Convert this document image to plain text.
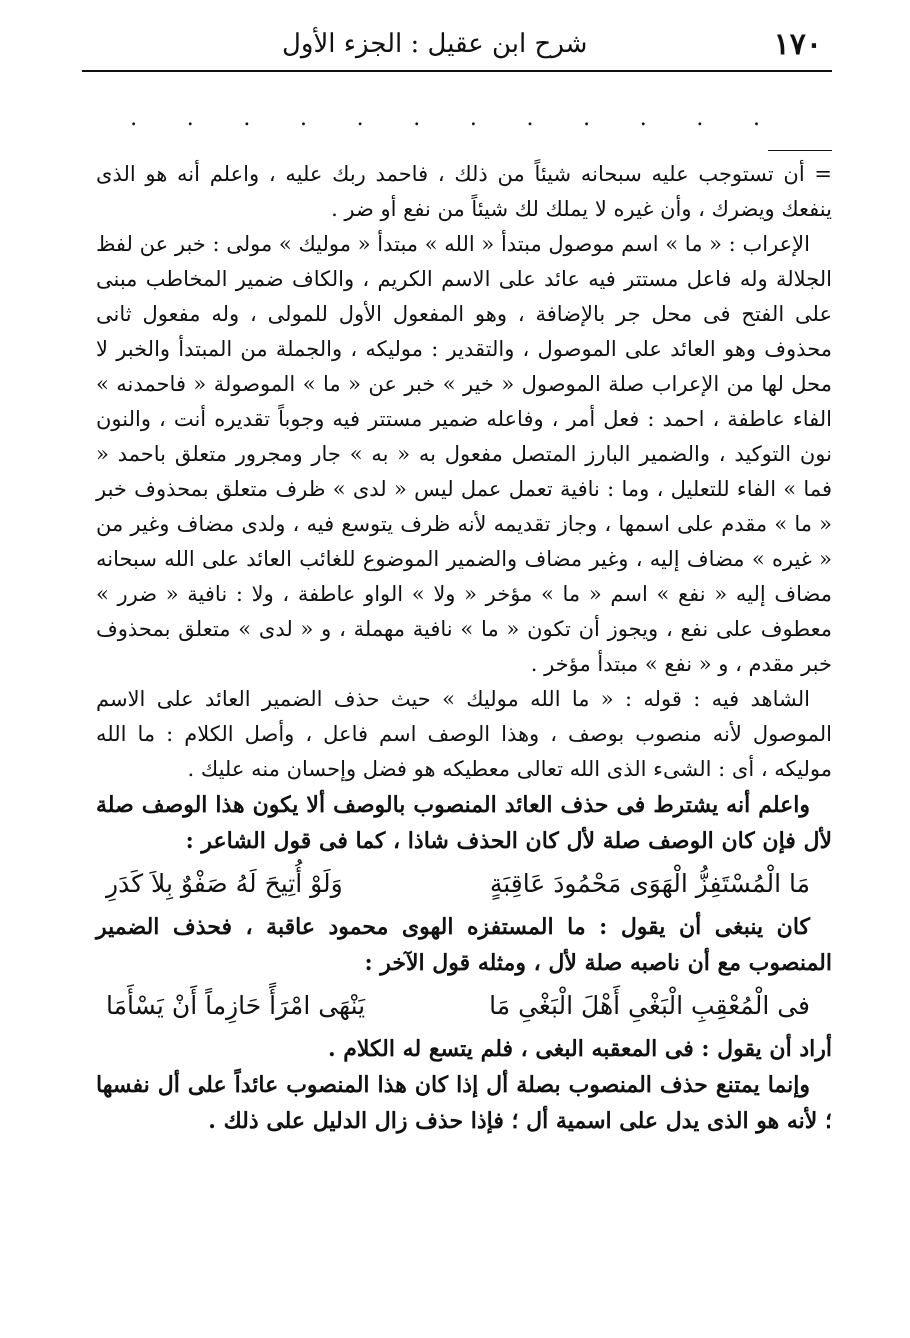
١٧٠
شرح ابن عقيل : الجزء الأول
.
.
.
.
.
.
.
.
.
.
.
.

= أن تستوجب عليه سبحانه شيئاً من ذلك ، فاحمد ربك عليه ، واعلم أنه هو الذى ينفعك ويضرك ، وأن غيره لا يملك لك شيئاً من نفع أو ضر .

الإعراب : « ما » اسم موصول مبتدأ « الله » مبتدأ « موليك » مولى : خبر عن لفظ الجلالة وله فاعل مستتر فيه عائد على الاسم الكريم ، والكاف ضمير المخاطب مبنى على الفتح فى محل جر بالإضافة ، وهو المفعول الأول للمولى ، وله مفعول ثانى محذوف وهو العائد على الموصول ، والتقدير : موليكه ، والجملة من المبتدأ والخبر لا محل لها من الإعراب صلة الموصول « خير » خبر عن « ما » الموصولة « فاحمدنه » الفاء عاطفة ، احمد : فعل أمر ، وفاعله ضمير مستتر فيه وجوباً تقديره أنت ، والنون نون التوكيد ، والضمير البارز المتصل مفعول به « به » جار ومجرور متعلق باحمد « فما » الفاء للتعليل ، وما : نافية تعمل عمل ليس « لدى » ظرف متعلق بمحذوف خبر « ما » مقدم على اسمها ، وجاز تقديمه لأنه ظرف يتوسع فيه ، ولدى مضاف وغير من « غيره » مضاف إليه ، وغير مضاف والضمير الموضوع للغائب العائد على الله سبحانه مضاف إليه « نفع » اسم « ما » مؤخر « ولا » الواو عاطفة ، ولا : نافية « ضرر » معطوف على نفع ، ويجوز أن تكون « ما » نافية مهملة ، و « لدى » متعلق بمحذوف خبر مقدم ، و « نفع » مبتدأ مؤخر .

الشاهد فيه : قوله : « ما الله موليك » حيث حذف الضمير العائد على الاسم الموصول لأنه منصوب بوصف ، وهذا الوصف اسم فاعل ، وأصل الكلام : ما الله موليكه ، أى : الشىء الذى الله تعالى معطيكه هو فضل وإحسان منه عليك .

واعلم أنه يشترط فى حذف العائد المنصوب بالوصف ألا يكون هذا الوصف صلة لأل فإن كان الوصف صلة لأل كان الحذف شاذا ، كما فى قول الشاعر :

مَا الْمُسْتَفِزُّ الْهَوَى مَحْمُودَ عَاقِبَةٍ
وَلَوْ أُتِيحَ لَهُ صَفْوٌ بِلاَ كَدَرِ

كان ينبغى أن يقول : ما المستفزه الهوى محمود عاقبة ، فحذف الضمير المنصوب مع أن ناصبه صلة لأل ، ومثله قول الآخر :

فى الْمُعْقِبِ الْبَغْىِ أَهْلَ الْبَغْىِ مَا
يَنْهَى امْرَأً حَازِماً أَنْ يَسْأَمَا

أراد أن يقول : فى المعقبه البغى ، فلم يتسع له الكلام .

وإنما يمتنع حذف المنصوب بصلة أل إذا كان هذا المنصوب عائداً على أل نفسها ؛ لأنه هو الذى يدل على اسمية أل ؛ فإذا حذف زال الدليل على ذلك .
